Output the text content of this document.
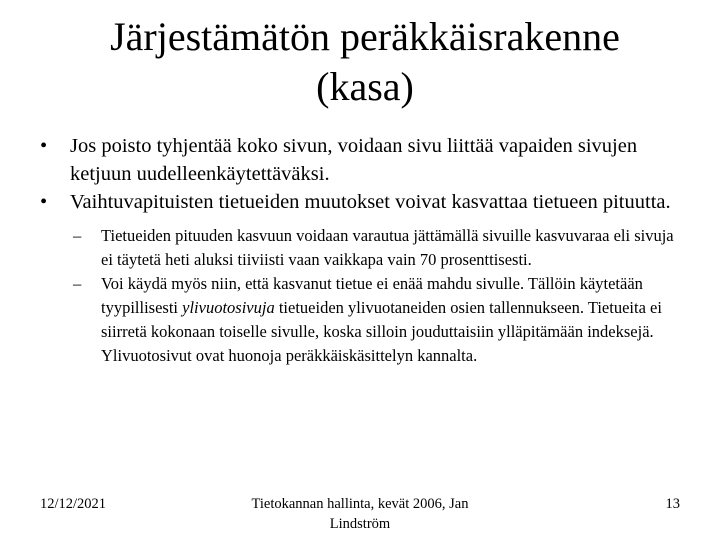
Järjestämätön peräkkäisrakenne
(kasa)

• Jos poisto tyhjentää koko sivun, voidaan sivu liittää vapaiden sivujen ketjuun uudelleenkäytettäväksi.

• Vaihtuvapituisten tietueiden muutokset voivat kasvattaa tietueen pituutta.

– Tietueiden pituuden kasvuun voidaan varautua jättämällä sivuille kasvuvaraa eli sivuja ei täytetä heti aluksi tiiviisti vaan vaikkapa vain 70 prosenttisesti.

– Voi käydä myös niin, että kasvanut tietue ei enää mahdu sivulle. Tällöin käytetään tyypillisesti ylivuotosivuja tietueiden ylivuotaneiden osien tallennukseen. Tietueita ei siirretä kokonaan toiselle sivulle, koska silloin jouduttaisiin ylläpitämään indeksejä. Ylivuotosivut ovat huonoja peräkkäiskäsittelyn kannalta.

12/12/2021	Tietokannan hallinta, kevät 2006, Jan
Lindström
13
